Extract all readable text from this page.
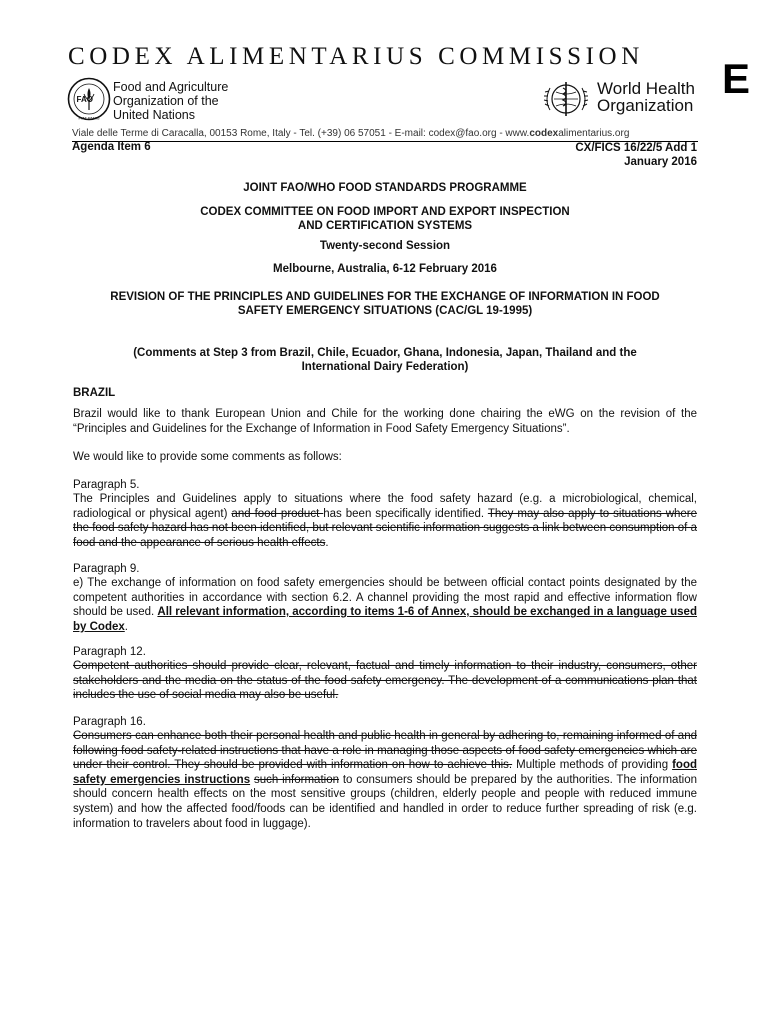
CODEX ALIMENTARIUS COMMISSION	E
FAO
FIAT PANIS
Food and Agriculture
Organization of the
United Nations
World Health
Organization
Viale delle Terme di Caracalla, 00153 Rome, Italy - Tel. (+39) 06 57051 - E-mail: codex@fao.org - www.codexalimentarius.org
Agenda Item 6	CX/FICS 16/22/5 Add 1
January 2016
JOINT FAO/WHO FOOD STANDARDS PROGRAMME
CODEX COMMITTEE ON FOOD IMPORT AND EXPORT INSPECTION
AND CERTIFICATION SYSTEMS
Twenty-second Session
Melbourne, Australia, 6-12 February 2016
REVISION OF THE PRINCIPLES AND GUIDELINES FOR THE EXCHANGE OF INFORMATION IN FOOD
SAFETY EMERGENCY SITUATIONS (CAC/GL 19-1995)
(Comments at Step 3 from Brazil, Chile, Ecuador, Ghana, Indonesia, Japan, Thailand and the
International Dairy Federation)
BRAZIL
Brazil would like to thank European Union and Chile for the working done chairing the eWG on the revision of the “Principles and Guidelines for the Exchange of Information in Food Safety Emergency Situations”.
We would like to provide some comments as follows:
Paragraph 5.
The Principles and Guidelines apply to situations where the food safety hazard (e.g. a microbiological, chemical, radiological or physical agent) and food product has been specifically identified. They may also apply to situations where the food safety hazard has not been identified, but relevant scientific information suggests a link between consumption of a food and the appearance of serious health effects.
Paragraph 9.
e) The exchange of information on food safety emergencies should be between official contact points designated by the competent authorities in accordance with section 6.2. A channel providing the most rapid and effective information flow should be used. All relevant information, according to items 1-6 of Annex, should be exchanged in a language used by Codex.
Paragraph 12.
Competent authorities should provide clear, relevant, factual and timely information to their industry, consumers, other stakeholders and the media on the status of the food safety emergency. The development of a communications plan that includes the use of social media may also be useful.
Paragraph 16.
Consumers can enhance both their personal health and public health in general by adhering to, remaining informed of and following food safety-related instructions that have a role in managing those aspects of food safety emergencies which are under their control. They should be provided with information on how to achieve this. Multiple methods of providing food safety emergencies instructions such information to consumers should be prepared by the authorities. The information should concern health effects on the most sensitive groups (children, elderly people and people with reduced immune system) and how the affected food/foods can be identified and handled in order to reduce further spreading of risk (e.g. information to travelers about food in luggage).
